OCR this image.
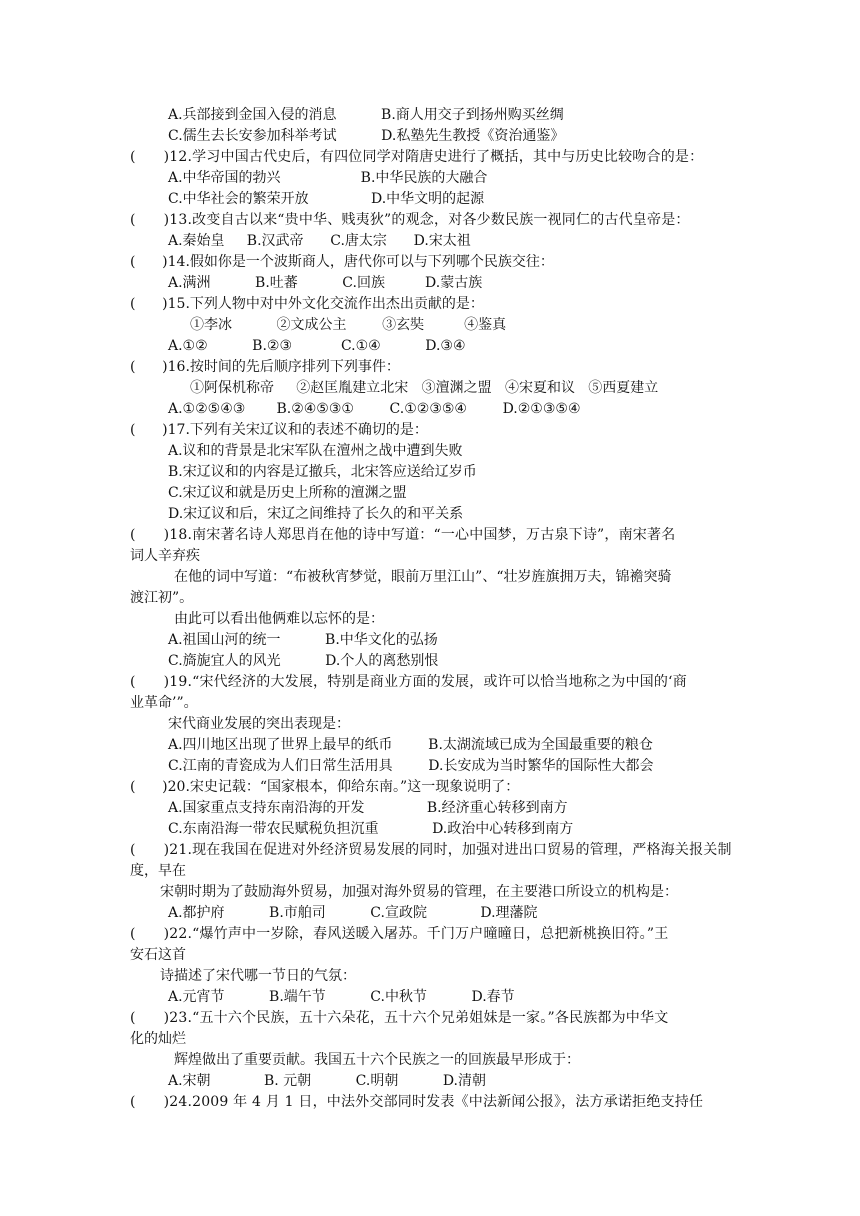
A.兵部接到金国入侵的消息          B.商人用交子到扬州购买丝绸
C.儒生去长安参加科举考试          D.私塾先生教授《资治通鉴》
(      )12.学习中国古代史后，有四位同学对隋唐史进行了概括，其中与历史比较吻合的是：
A.中华帝国的勃兴                  B.中华民族的大融合
C.中华社会的繁荣开放              D.中华文明的起源
(      )13.改变自古以来“贵中华、贱夷狄”的观念，对各少数民族一视同仁的古代皇帝是：
A.秦始皇     B.汉武帝      C.唐太宗      D.宋太祖
(      )14.假如你是一个波斯商人，唐代你可以与下列哪个民族交往：
A.满洲          B.吐蕃          C.回族         D.蒙古族
(      )15.下列人物中对中外文化交流作出杰出贡献的是：
①李冰          ②文成公主        ③玄奘         ④鉴真
A.①②          B.②③           C.①④          D.③④
(      )16.按时间的先后顺序排列下列事件：
①阿保机称帝     ②赵匡胤建立北宋   ③澶渊之盟   ④宋夏和议   ⑤西夏建立
A.①②⑤④③       B.②④⑤③①        C.①②③⑤④        D.②①③⑤④
(      )17.下列有关宋辽议和的表述不确切的是：
A.议和的背景是北宋军队在澶州之战中遭到失败
B.宋辽议和的内容是辽撤兵，北宋答应送给辽岁币
C.宋辽议和就是历史上所称的澶渊之盟
D.宋辽议和后，宋辽之间维持了长久的和平关系
(      )18.南宋著名诗人郑思肖在他的诗中写道：“一心中国梦，万古泉下诗”，南宋著名
词人辛弃疾
在他的词中写道：“布被秋宵梦觉，眼前万里江山”、“壮岁旌旗拥万夫，锦襜突骑
渡江初”。
由此可以看出他俩难以忘怀的是：
A.祖国山河的统一          B.中华文化的弘扬
C.旖旎宜人的风光          D.个人的离愁别恨
(      )19.“宋代经济的大发展，特别是商业方面的发展，或许可以恰当地称之为中国的‘商
业革命’”。
宋代商业发展的突出表现是：
A.四川地区出现了世界上最早的纸币        B.太湖流域已成为全国最重要的粮仓
C.江南的青瓷成为人们日常生活用具        D.长安成为当时繁华的国际性大都会
(      )20.宋史记载：“国家根本，仰给东南。”这一现象说明了：
A.国家重点支持东南沿海的开发              B.经济重心转移到南方
C.东南沿海一带农民赋税负担沉重            D.政治中心转移到南方
(      )21.现在我国在促进对外经济贸易发展的同时，加强对进出口贸易的管理，严格海关报关制
度，早在
宋朝时期为了鼓励海外贸易，加强对海外贸易的管理，在主要港口所设立的机构是：
A.都护府          B.市舶司          C.宣政院            D.理藩院
(      )22.“爆竹声中一岁除，春风送暖入屠苏。千门万户曈曈日，总把新桃换旧符。”王
安石这首
诗描述了宋代哪一节日的气氛：
A.元宵节          B.端午节          C.中秋节          D.春节
(      )23.“五十六个民族，五十六朵花，五十六个兄弟姐妹是一家。”各民族都为中华文
化的灿烂
辉煌做出了重要贡献。我国五十六个民族之一的回族最早形成于：
A.宋朝            B. 元朝          C.明朝          D.清朝
(      )24.2009 年 4 月 1 日，中法外交部同时发表《中法新闻公报》，法方承诺拒绝支持任
